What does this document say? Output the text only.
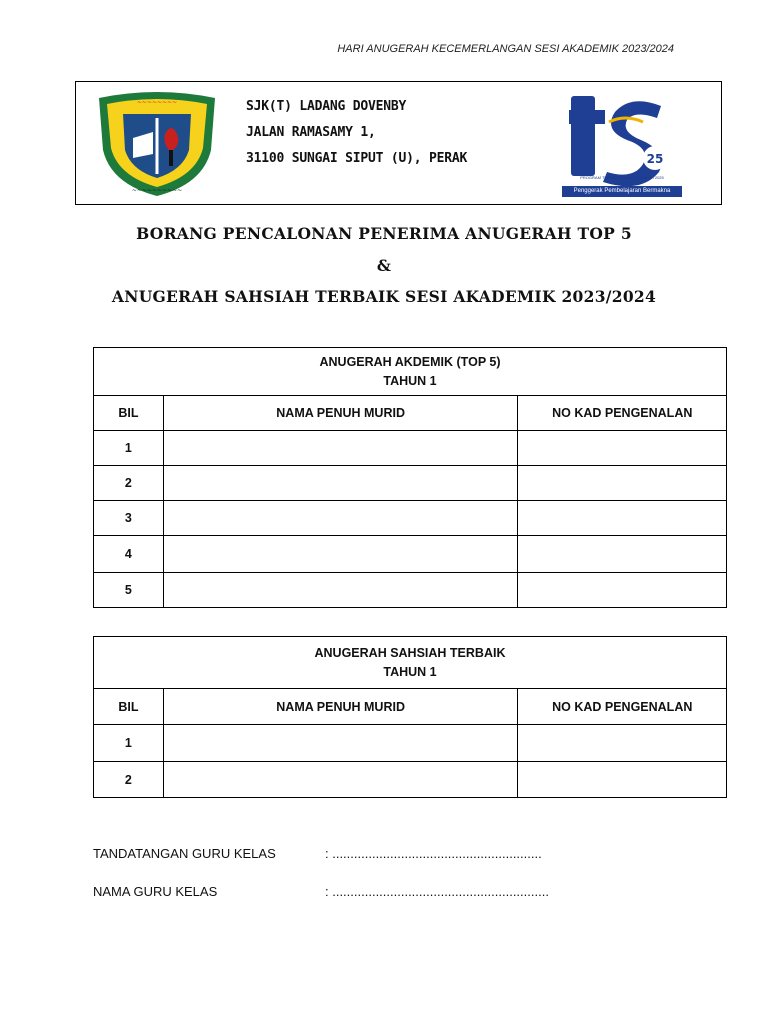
HARI ANUGERAH KECEMERLANGAN SESI AKADEMIK 2023/2024
~~~~~~~~
~~~~~~~~~~
SJK(T) LADANG DOVENBY
JALAN RAMASAMY 1,
31100 SUNGAI SIPUT (U), PERAK	25
PROGRAM TRANSFORMASI SEKOLAH 2025
Penggerak Pembelajaran Bermakna
BORANG PENCALONAN PENERIMA ANUGERAH TOP 5
&
ANUGERAH SAHSIAH TERBAIK SESI AKADEMIK 2023/2024
ANUGERAH AKDEMIK (TOP 5)
TAHUN 1		

BIL	NAMA PENUH MURID	NO KAD PENGENALAN
1		
2		
3		
4		
5		
ANUGERAH SAHSIAH TERBAIK
TAHUN 1		

BIL	NAMA PENUH MURID	NO KAD PENGENALAN
1		
2		
TANDATANGAN GURU KELAS	: ..........................................................
NAMA GURU KELAS	: ............................................................
